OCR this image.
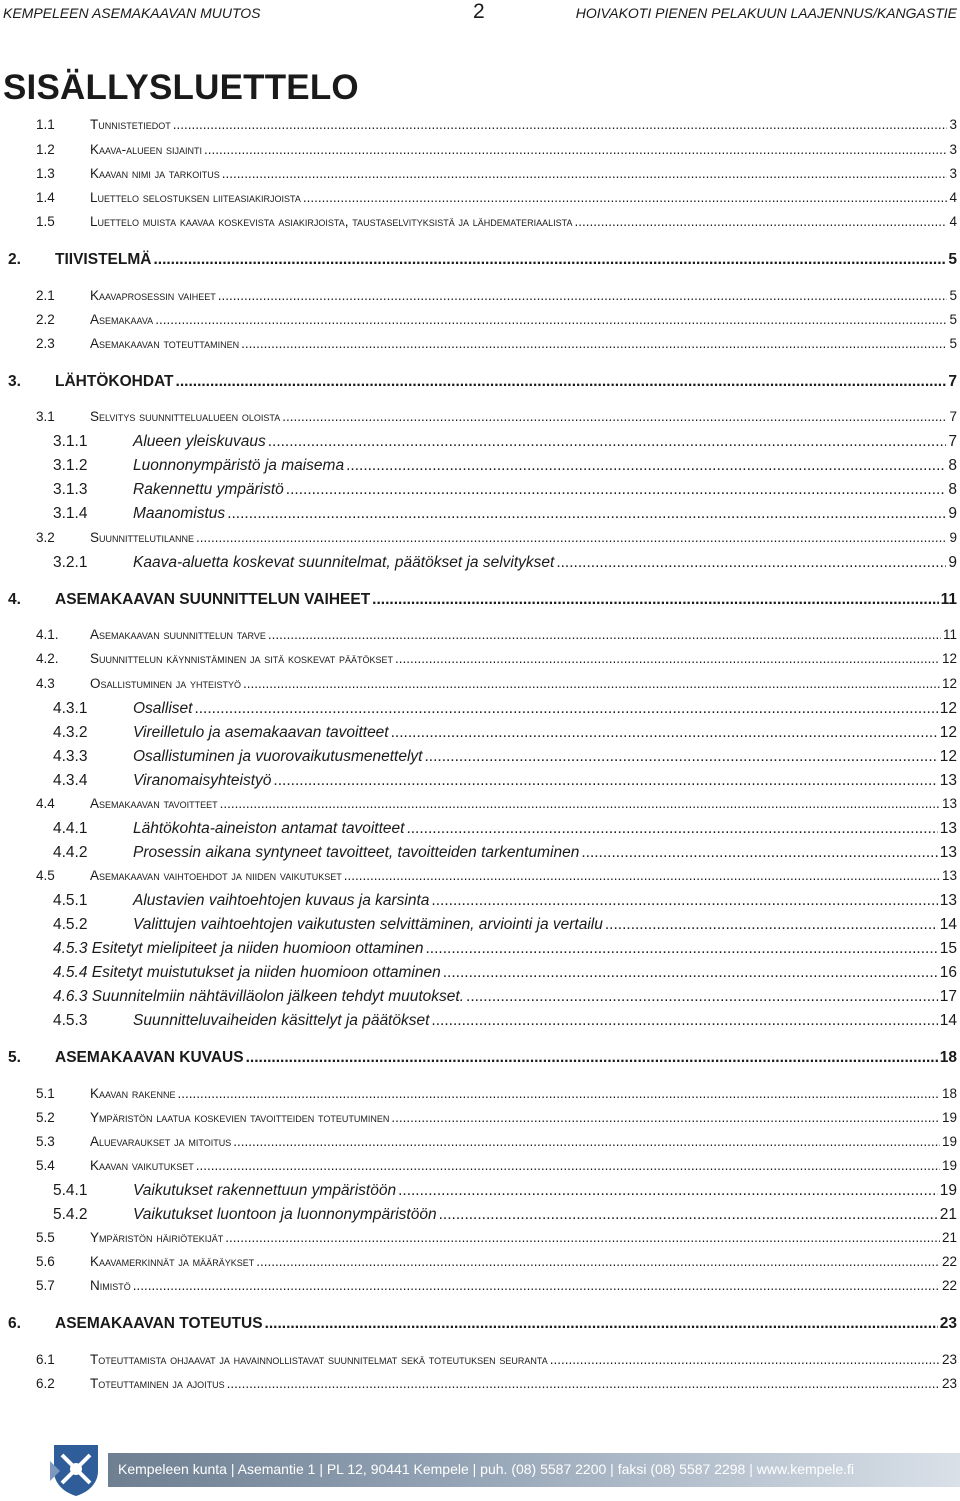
KEMPELEEN ASEMAKAAVAN MUUTOS	2	HOIVAKOTI PIENEN PELAKUUN LAAJENNUS/KANGASTIE
SISÄLLYSLUETTELO
1.1	Tunnistetiedot .....	3
1.2	Kaava-alueen sijainti .....	3
1.3	Kaavan nimi ja tarkoitus .....	3
1.4	Luettelo selostuksen liiteasiakirjoista .....	4
1.5	Luettelo muista kaavaa koskevista asiakirjoista, taustaselvityksistä ja lähdemateriaalista .....	4
2. TIIVISTELMÄ .....	5
2.1	Kaavaprosessin vaiheet .....	5
2.2	Asemakaava .....	5
2.3	Asemakaavan toteuttaminen .....	5
3. LÄHTÖKOHDAT .....	7
3.1	Selvitys suunnittelualueen oloista .....	7
3.1.1	Alueen yleiskuvaus .....	7
3.1.2	Luonnonympäristö ja maisema .....	8
3.1.3	Rakennettu ympäristö .....	8
3.1.4	Maanomistus .....	9
3.2	Suunnittelutilanne .....	9
3.2.1	Kaava-aluetta koskevat suunnitelmat, päätökset ja selvitykset .....	9
4. ASEMAKAAVAN SUUNNITTELUN VAIHEET .....	11
4.1. Asemakaavan suunnittelun tarve .....	11
4.2. Suunnittelun käynnistäminen ja sitä koskevat päätökset .....	12
4.3	Osallistuminen ja yhteistyö .....	12
4.3.1	Osalliset .....	12
4.3.2	Vireilletulo ja asemakaavan tavoitteet .....	12
4.3.3	Osallistuminen ja vuorovaikutusmenettelyt .....	12
4.3.4	Viranomaisyhteistyö .....	13
4.4	Asemakaavan tavoitteet .....	13
4.4.1	Lähtökohta-aineiston antamat tavoitteet .....	13
4.4.2	Prosessin aikana syntyneet tavoitteet, tavoitteiden tarkentuminen .....	13
4.5	Asemakaavan vaihtoehdot ja niiden vaikutukset .....	13
4.5.1	Alustavien vaihtoehtojen kuvaus ja karsinta .....	13
4.5.2	Valittujen vaihtoehtojen vaikutusten selvittäminen, arviointi ja vertailu .....	14
4.5.3 Esitetyt mielipiteet ja niiden huomioon ottaminen .....	15
4.5.4 Esitetyt muistutukset ja niiden huomioon ottaminen .....	16
4.6.3 Suunnitelmiin nähtävilläolon jälkeen tehdyt muutokset. .....	17
4.5.3	Suunnitteluvaiheiden käsittelyt ja päätökset .....	14
5. ASEMAKAAVAN KUVAUS .....	18
5.1	Kaavan rakenne .....	18
5.2	Ympäristön laatua koskevien tavoitteiden toteutuminen .....	19
5.3	Aluevaraukset ja mitoitus .....	19
5.4	Kaavan vaikutukset .....	19
5.4.1	Vaikutukset rakennettuun ympäristöön .....	19
5.4.2	Vaikutukset luontoon ja luonnonympäristöön .....	21
5.5	Ympäristön häiriötekijät .....	21
5.6	Kaavamerkinnät ja määräykset .....	22
5.7	Nimistö .....	22
6. ASEMAKAAVAN TOTEUTUS .....	23
6.1	Toteuttamista ohjaavat ja havainnollistavat suunnitelmat sekä toteutuksen seuranta .....	23
6.2	Toteuttaminen ja ajoitus .....	23
Kempeleen kunta | Asemantie 1 | PL 12, 90441 Kempele | puh. (08) 5587 2200 | faksi (08) 5587 2298 | www.kempele.fi
